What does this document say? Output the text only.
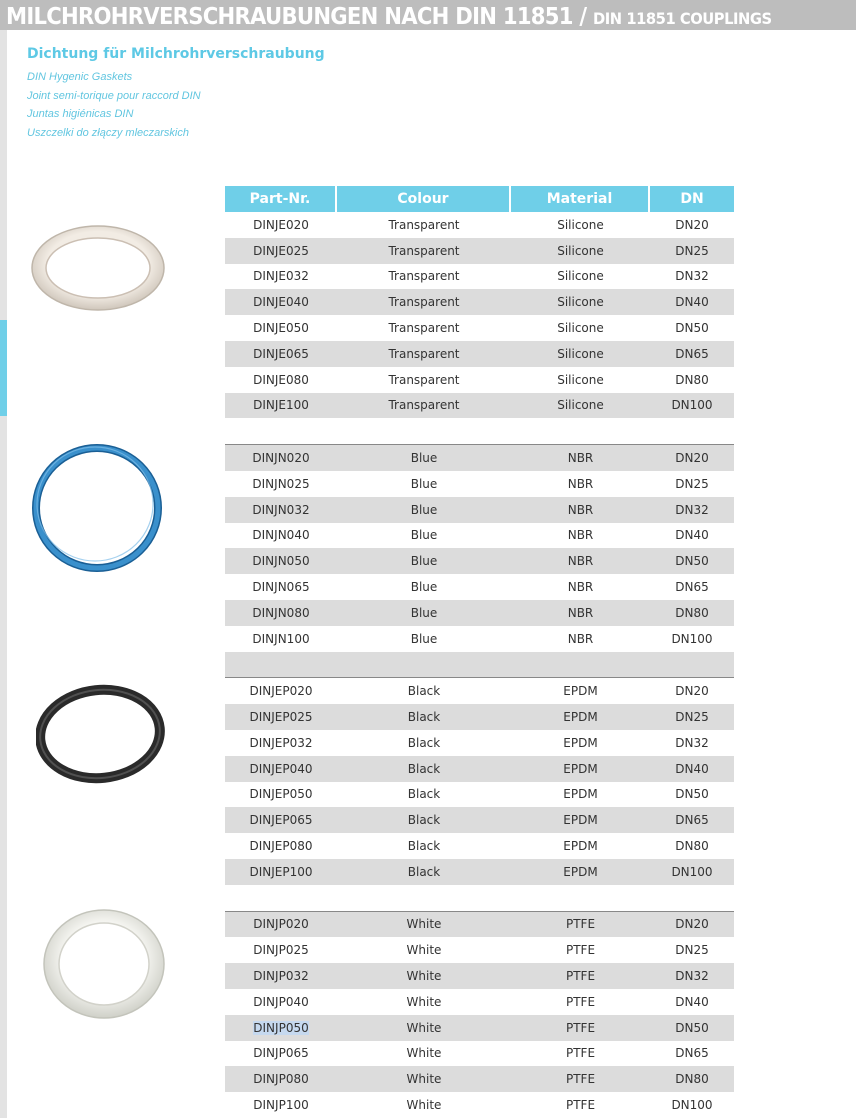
MILCHROHRVERSCHRAUBUNGEN NACH DIN 11851 / DIN 11851 COUPLINGS
Dichtung für Milchrohrverschraubung
DIN Hygenic Gaskets
Joint semi-torique pour raccord DIN
Juntas higiénicas DIN
Uszczelki do złączy mleczarskich
Part-Nr.	Colour	Material	DN
DINJE020	Transparent	Silicone	DN20
DINJE025	Transparent	Silicone	DN25
DINJE032	Transparent	Silicone	DN32
DINJE040	Transparent	Silicone	DN40
DINJE050	Transparent	Silicone	DN50
DINJE065	Transparent	Silicone	DN65
DINJE080	Transparent	Silicone	DN80
DINJE100	Transparent	Silicone	DN100

DINJN020	Blue	NBR	DN20
DINJN025	Blue	NBR	DN25
DINJN032	Blue	NBR	DN32
DINJN040	Blue	NBR	DN40
DINJN050	Blue	NBR	DN50
DINJN065	Blue	NBR	DN65
DINJN080	Blue	NBR	DN80
DINJN100	Blue	NBR	DN100

DINJEP020	Black	EPDM	DN20
DINJEP025	Black	EPDM	DN25
DINJEP032	Black	EPDM	DN32
DINJEP040	Black	EPDM	DN40
DINJEP050	Black	EPDM	DN50
DINJEP065	Black	EPDM	DN65
DINJEP080	Black	EPDM	DN80
DINJEP100	Black	EPDM	DN100

DINJP020	White	PTFE	DN20
DINJP025	White	PTFE	DN25
DINJP032	White	PTFE	DN32
DINJP040	White	PTFE	DN40
DINJP050	White	PTFE	DN50
DINJP065	White	PTFE	DN65
DINJP080	White	PTFE	DN80
DINJP100	White	PTFE	DN100
